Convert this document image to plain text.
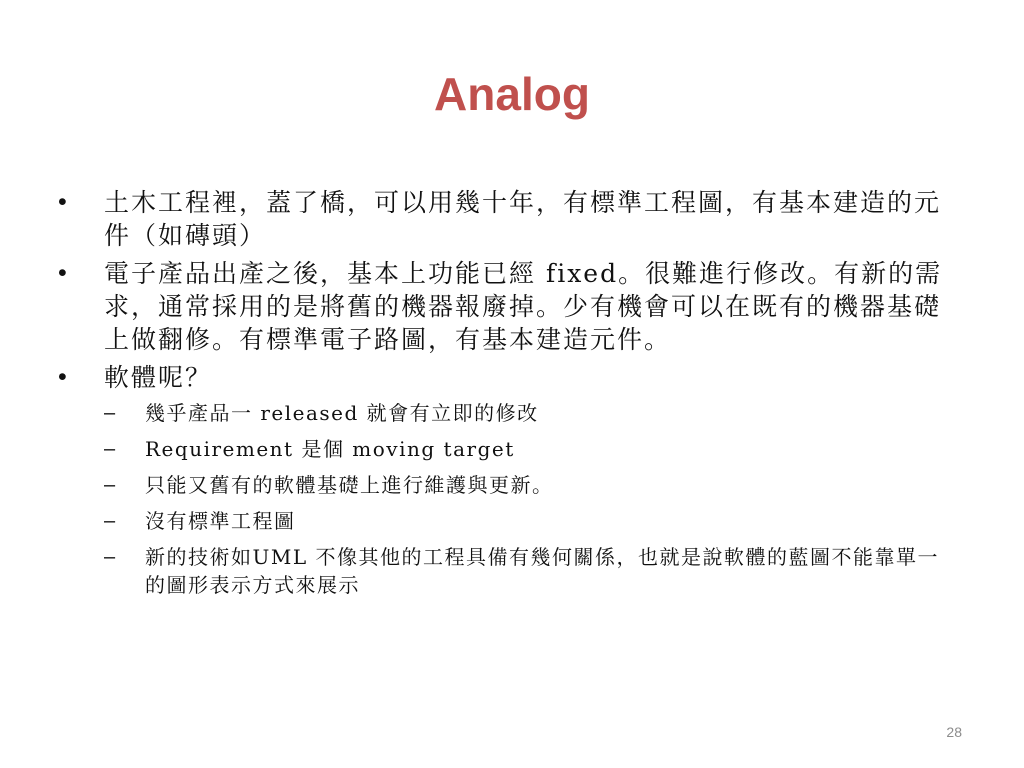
Analog
• 土木工程裡，蓋了橋，可以用幾十年，有標準工程圖，有基本建造的元件（如磚頭）
• 電子產品出產之後，基本上功能已經 fixed。很難進行修改。有新的需求，通常採用的是將舊的機器報廢掉。少有機會可以在既有的機器基礎上做翻修。有標準電子路圖，有基本建造元件。
• 軟體呢？
– 幾乎產品一 released 就會有立即的修改
– Requirement 是個 moving target
– 只能又舊有的軟體基礎上進行維護與更新。
– 沒有標準工程圖
– 新的技術如UML 不像其他的工程具備有幾何關係，也就是說軟體的藍圖不能靠單一的圖形表示方式來展示
28
